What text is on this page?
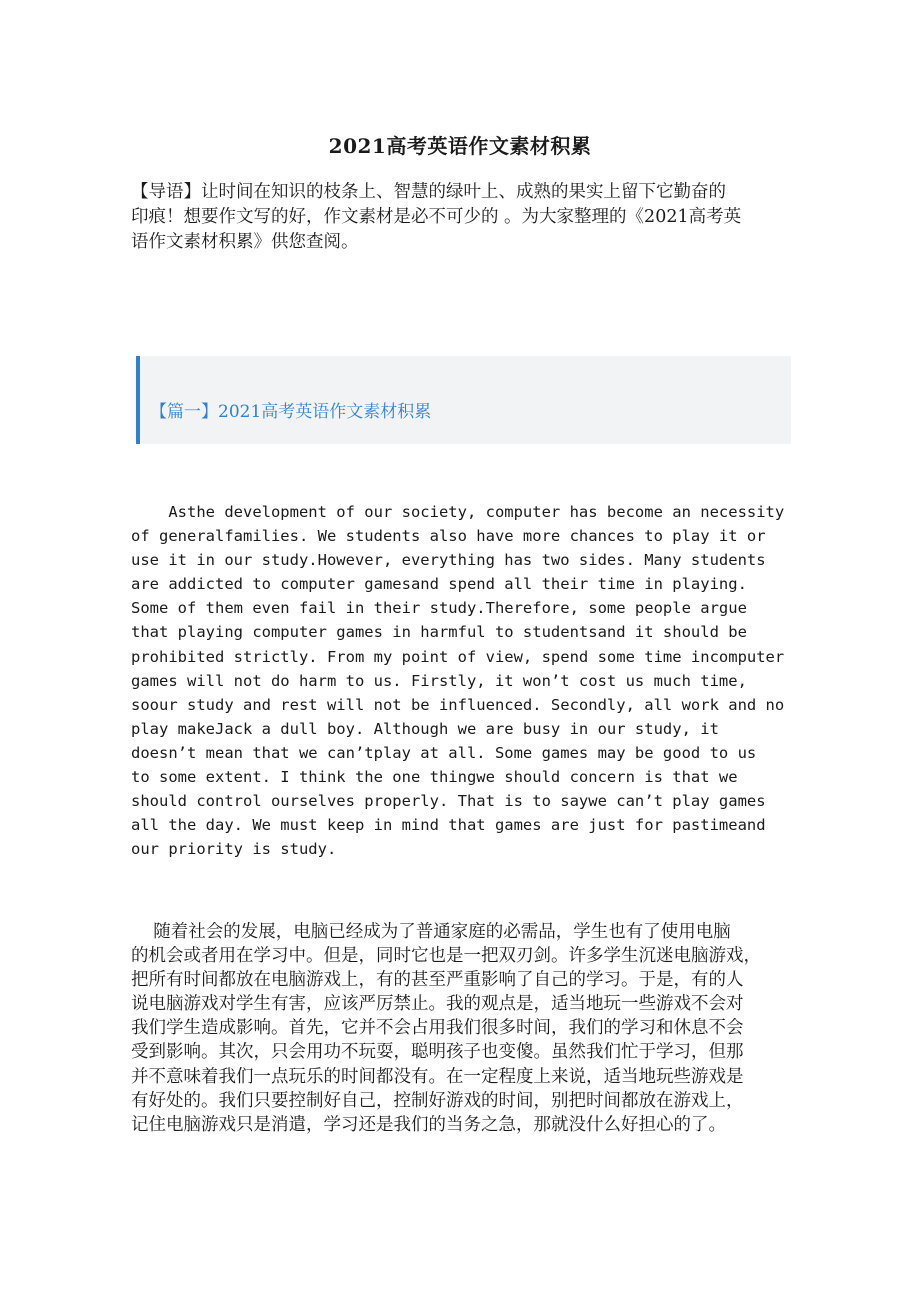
2021高考英语作文素材积累

【导语】让时间在知识的枝条上、智慧的绿叶上、成熟的果实上留下它勤奋的
印痕！想要作文写的好，作文素材是必不可少的 。为大家整理的《2021高考英
语作文素材积累》供您查阅。

【篇一】2021高考英语作文素材积累
Asthe development of our society, computer has become an necessity
of generalfamilies. We students also have more chances to play it or
use it in our study.However, everything has two sides. Many students
are addicted to computer gamesand spend all their time in playing.
Some of them even fail in their study.Therefore, some people argue
that playing computer games in harmful to studentsand it should be
prohibited strictly. From my point of view, spend some time incomputer
games will not do harm to us. Firstly, it won’t cost us much time,
soour study and rest will not be influenced. Secondly, all work and no
play makeJack a dull boy. Although we are busy in our study, it
doesn’t mean that we can’tplay at all. Some games may be good to us
to some extent. I think the one thingwe should concern is that we
should control ourselves properly. That is to saywe can’t play games
all the day. We must keep in mind that games are just for pastimeand
our priority is study.
随着社会的发展，电脑已经成为了普通家庭的必需品，学生也有了使用电脑
的机会或者用在学习中。但是，同时它也是一把双刃剑。许多学生沉迷电脑游戏，
把所有时间都放在电脑游戏上，有的甚至严重影响了自己的学习。于是，有的人
说电脑游戏对学生有害，应该严厉禁止。我的观点是，适当地玩一些游戏不会对
我们学生造成影响。首先，它并不会占用我们很多时间，我们的学习和休息不会
受到影响。其次，只会用功不玩耍，聪明孩子也变傻。虽然我们忙于学习，但那
并不意味着我们一点玩乐的时间都没有。在一定程度上来说，适当地玩些游戏是
有好处的。我们只要控制好自己，控制好游戏的时间，别把时间都放在游戏上，
记住电脑游戏只是消遣，学习还是我们的当务之急，那就没什么好担心的了。
